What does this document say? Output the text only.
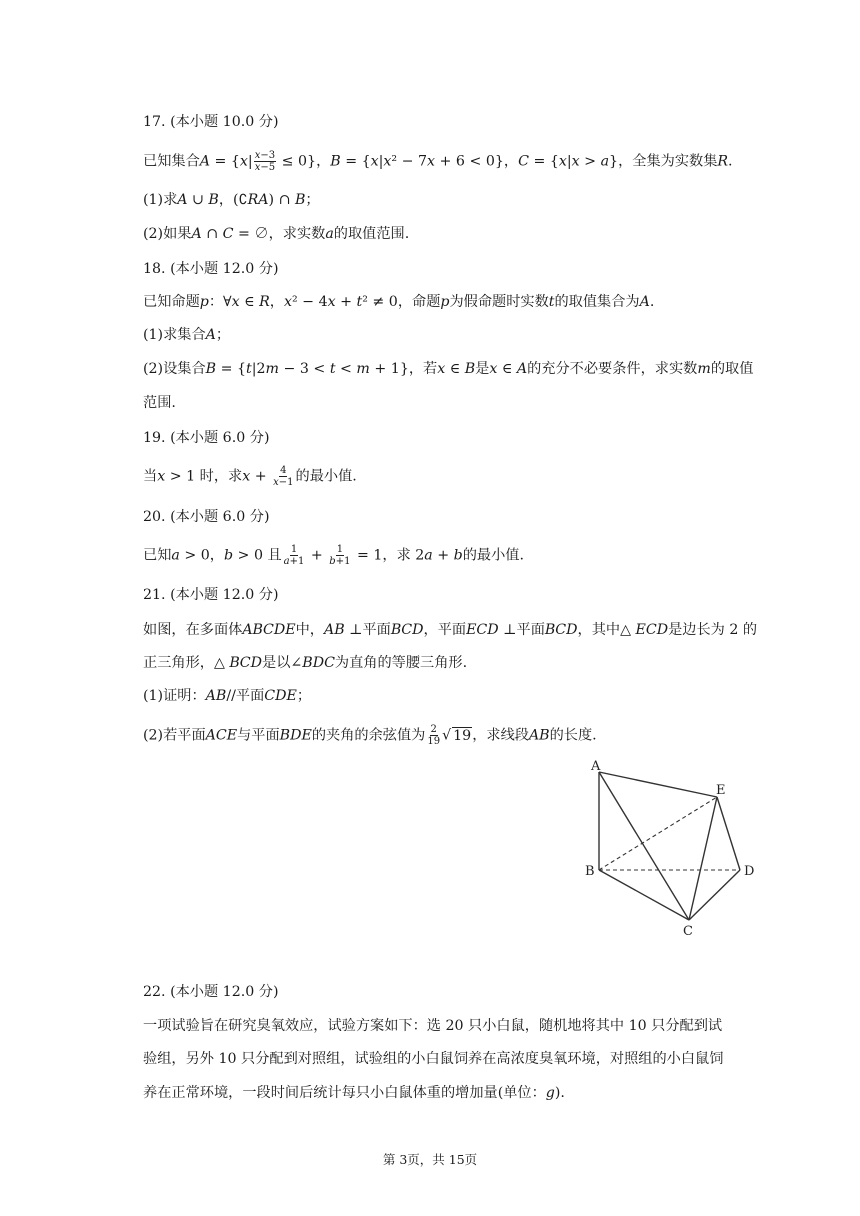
17. (本小题 10.0 分)
已知集合𝐴 = {𝑥| $\frac{\text{𝑥−3}}{\text{𝑥−5}} \le 0$}，𝐵 = {𝑥|𝑥² − 7𝑥 + 6 < 0}，𝐶 = {𝑥|𝑥 > 𝑎}，全集为实数集𝑅.
(1)求𝐴 ∪ 𝐵，(∁𝑅𝐴) ∩ 𝐵；
(2)如果𝐴 ∩ 𝐶 = ∅，求实数𝑎的取值范围.
18. (本小题 12.0 分)
已知命题𝑝：∀𝑥 ∈ 𝑅，𝑥² − 4𝑥 + 𝑡² ≠ 0，命题𝑝为假命题时实数𝑡的取值集合为𝐴.
(1)求集合𝐴；
(2)设集合𝐵 = {𝑡|2𝑚 − 3 < 𝑡 < 𝑚 + 1}，若𝑥 ∈ 𝐵是𝑥 ∈ 𝐴的充分不必要条件，求实数𝑚的取值
范围.
19. (本小题 6.0 分)
当𝑥 > 1 时，求𝑥 + $\frac{4}{\text{𝑥−1}}$ 的最小值.
20. (本小题 6.0 分)
已知𝑎 > 0，𝑏 > 0 且 $\frac{1}{\text{𝑎+1}} + \frac{1}{\text{𝑏+1}} = 1$，求 2𝑎 + 𝑏的最小值.
21. (本小题 12.0 分)
如图，在多面体𝐴𝐵𝐶𝐷𝐸中，𝐴𝐵 ⊥平面𝐵𝐶𝐷，平面𝐸𝐶𝐷 ⊥平面𝐵𝐶𝐷，其中△ 𝐸𝐶𝐷是边长为 2 的
正三角形，△ 𝐵𝐶𝐷是以∠𝐵𝐷𝐶为直角的等腰三角形.
(1)证明：𝐴𝐵//平面𝐶𝐷𝐸；
(2)若平面𝐴𝐶𝐸与平面𝐵𝐷𝐸的夹角的余弦值为 $\frac{2}{19}$ √ 19，求线段𝐴𝐵的长度.
A
B
C
D
E
22. (本小题 12.0 分)
一项试验旨在研究臭氧效应，试验方案如下：选 20 只小白鼠，随机地将其中 10 只分配到试
验组，另外 10 只分配到对照组，试验组的小白鼠饲养在高浓度臭氧环境，对照组的小白鼠饲
养在正常环境，一段时间后统计每只小白鼠体重的增加量(单位：𝑔).
第 3页，共 15页
